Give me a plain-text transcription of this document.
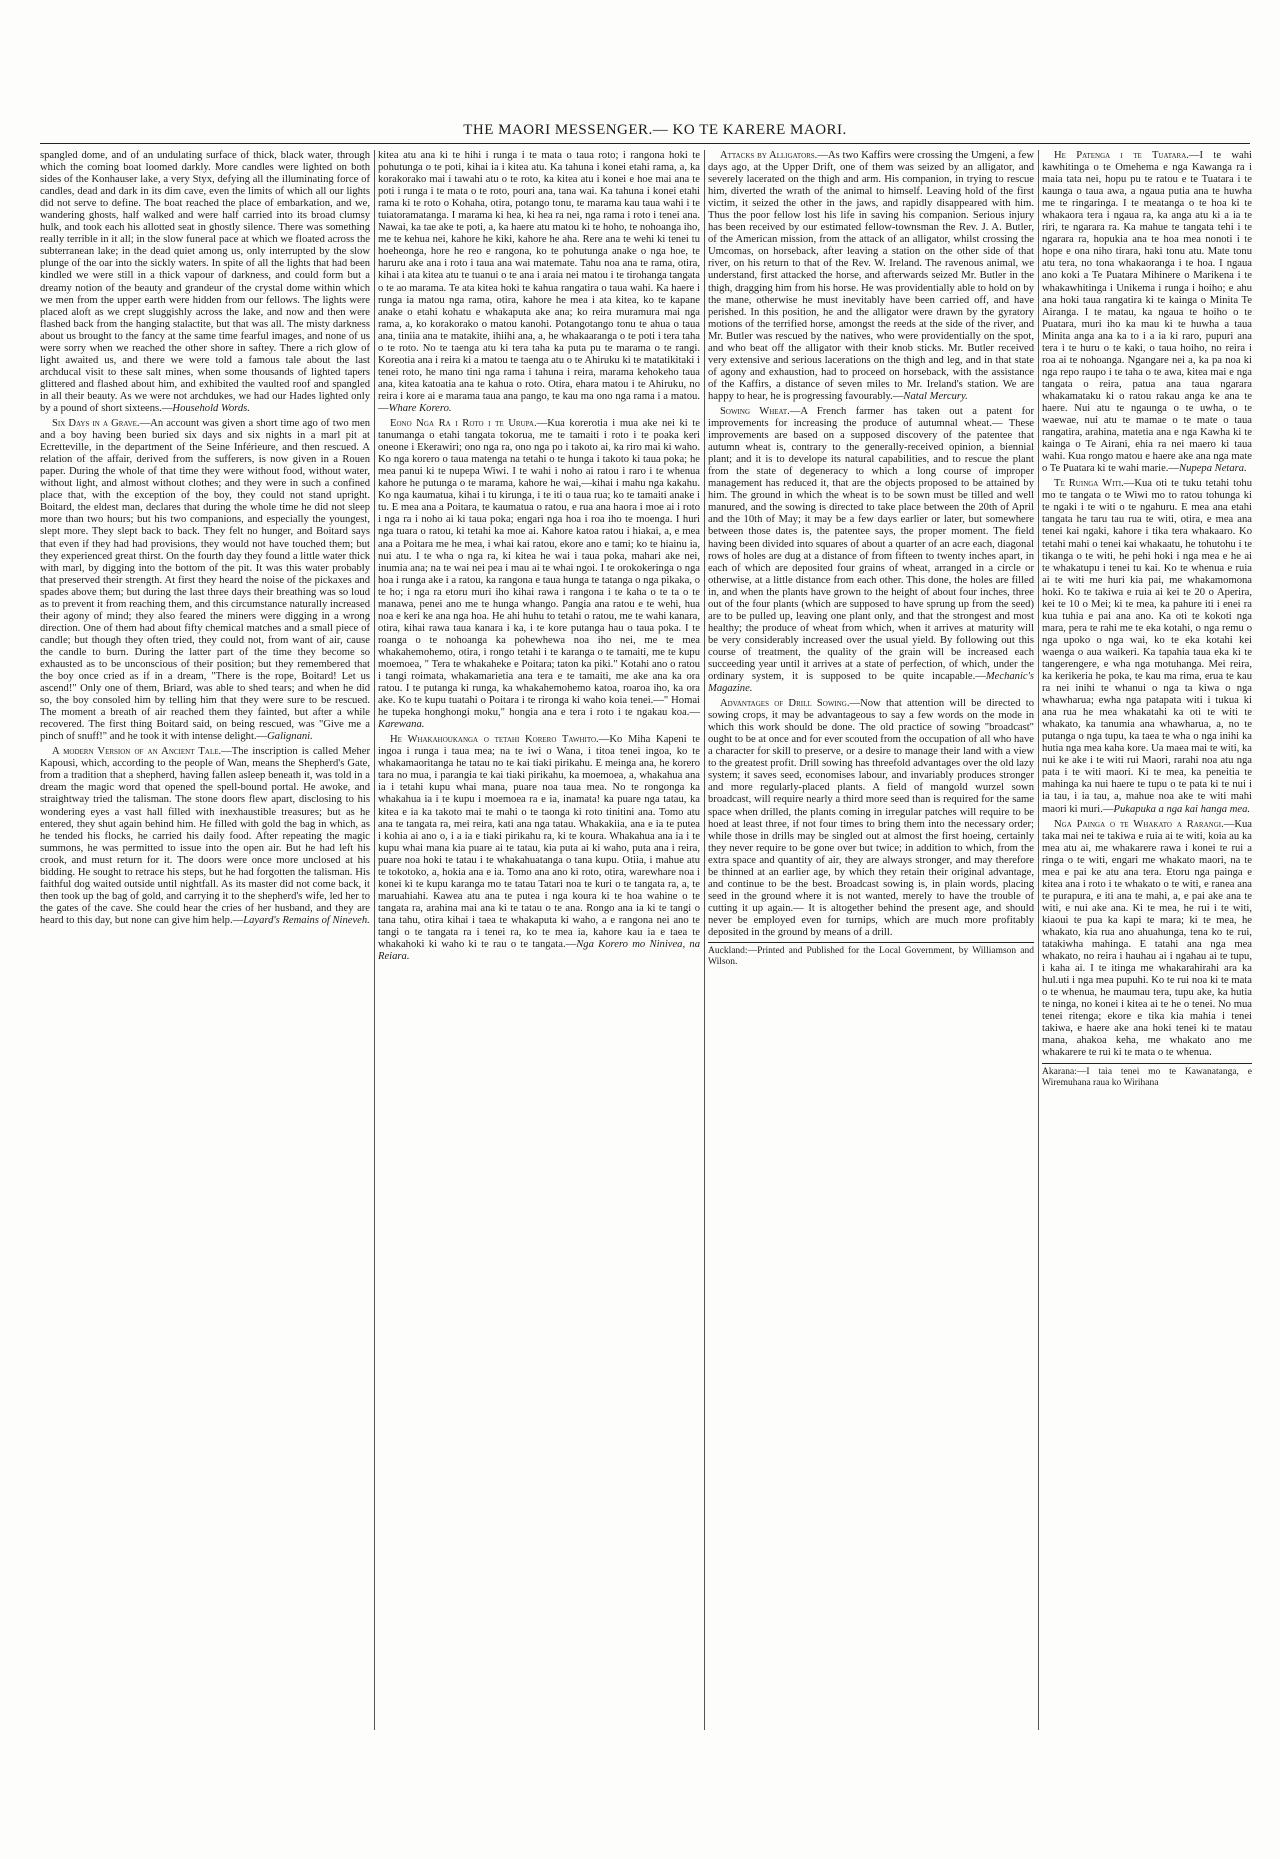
THE MAORI MESSENGER.— KO TE KARERE MAORI.

spangled dome, and of an undulating surface of thick, black water, through which the coming boat loomed darkly. More candles were lighted on both sides of the Konhauser lake, a very Styx, defying all the illuminating force of candles, dead and dark in its dim cave, even the limits of which all our lights did not serve to define. The boat reached the place of embarkation, and we, wandering ghosts, half walked and were half carried into its broad clumsy hulk, and took each his allotted seat in ghostly silence. There was something really terrible in it all; in the slow funeral pace at which we floated across the subterranean lake; in the dead quiet among us, only interrupted by the slow plunge of the oar into the sickly waters. In spite of all the lights that had been kindled we were still in a thick vapour of darkness, and could form but a dreamy notion of the beauty and grandeur of the crystal dome within which we men from the upper earth were hidden from our fellows. The lights were placed aloft as we crept sluggishly across the lake, and now and then were flashed back from the hanging stalactite, but that was all. The misty darkness about us brought to the fancy at the same time fearful images, and none of us were sorry when we reached the other shore in saftey. There a rich glow of light awaited us, and there we were told a famous tale about the last archducal visit to these salt mines, when some thousands of lighted tapers glittered and flashed about him, and exhibited the vaulted roof and spangled in all their beauty. As we were not archdukes, we had our Hades lighted only by a pound of short sixteens.—Household Words.

Six Days in a Grave.—An account was given a short time ago of two men and a boy having been buried six days and six nights in a marl pit at Ecretteville, in the department of the Seine Inférieure, and then rescued. A relation of the affair, derived from the sufferers, is now given in a Rouen paper. During the whole of that time they were without food, without water, without light, and almost without clothes; and they were in such a confined place that, with the exception of the boy, they could not stand upright. Boitard, the eldest man, declares that during the whole time he did not sleep more than two hours; but his two companions, and especially the youngest, slept more. They slept back to back. They felt no hunger, and Boitard says that even if they had had provisions, they would not have touched them; but they experienced great thirst. On the fourth day they found a little water thick with marl, by digging into the bottom of the pit. It was this water probably that preserved their strength. At first they heard the noise of the pickaxes and spades above them; but during the last three days their breathing was so loud as to prevent it from reaching them, and this circumstance naturally increased their agony of mind; they also feared the miners were digging in a wrong direction. One of them had about fifty chemical matches and a small piece of candle; but though they often tried, they could not, from want of air, cause the candle to burn. During the latter part of the time they become so exhausted as to be unconscious of their position; but they remembered that the boy once cried as if in a dream, "There is the rope, Boitard! Let us ascend!" Only one of them, Briard, was able to shed tears; and when he did so, the boy consoled him by telling him that they were sure to be rescued. The moment a breath of air reached them they fainted, but after a while recovered. The first thing Boitard said, on being rescued, was "Give me a pinch of snuff!" and he took it with intense delight.—Galignani.

A modern Version of an Ancient Tale.—The inscription is called Meher Kapousi, which, according to the people of Wan, means the Shepherd's Gate, from a tradition that a shepherd, having fallen asleep beneath it, was told in a dream the magic word that opened the spell-bound portal. He awoke, and straightway tried the talisman. The stone doors flew apart, disclosing to his wondering eyes a vast hall filled with inexhaustible treasures; but as he entered, they shut again behind him. He filled with gold the bag in which, as he tended his flocks, he carried his daily food. After repeating the magic summons, he was permitted to issue into the open air. But he had left his crook, and must return for it. The doors were once more unclosed at his bidding. He sought to retrace his steps, but he had forgotten the talisman. His faithful dog waited outside until nightfall. As its master did not come back, it then took up the bag of gold, and carrying it to the shepherd's wife, led her to the gates of the cave. She could hear the cries of her husband, and they are heard to this day, but none can give him help.—Layard's Remains of Nineveh.

kitea atu ana ki te hihi i runga i te mata o taua roto; i rangona hoki te pohutunga o te poti, kihai ia i kitea atu. Ka tahuna i konei etahi rama, a, ka korakorako mai i tawahi atu o te roto, ka kitea atu i konei e hoe mai ana te poti i runga i te mata o te roto, pouri ana, tana wai. Ka tahuna i konei etahi rama ki te roto o Kohaha, otira, potango tonu, te marama kau taua wahi i te tuiatoramatanga. I marama ki hea, ki hea ra nei, nga rama i roto i tenei ana. Nawai, ka tae ake te poti, a, ka haere atu matou ki te hoho, te nohoanga iho, me te kehua nei, kahore he kiki, kahore he aha. Rere ana te wehi ki tenei tu hoeheonga, hore he reo e rangona, ko te pohutunga anake o nga hoe, te haruru ake ana i roto i taua ana wai matemate. Tahu noa ana te rama, otira, kihai i ata kitea atu te tuanui o te ana i araia nei matou i te tirohanga tangata o te ao marama. Te ata kitea hoki te kahua rangatira o taua wahi. Ka haere i runga ia matou nga rama, otira, kahore he mea i ata kitea, ko te kapane anake o etahi kohatu e whakaputa ake ana; ko reira muramura mai nga rama, a, ko korakorako o matou kanohi. Potangotango tonu te ahua o taua ana, tiniia ana te matakite, ihiihi ana, a, he whakaaranga o te poti i tera taha o te roto. No te taenga atu ki tera taha ka puta pu te marama o te rangi. Koreotia ana i reira ki a matou te taenga atu o te Ahiruku ki te matatikitaki i tenei roto, he mano tini nga rama i tahuna i reira, marama kehokeho taua ana, kitea katoatia ana te kahua o roto. Otira, ehara matou i te Ahiruku, no reira i kore ai e marama taua ana pango, te kau ma ono nga rama i a matou.—Whare Korero.

Eono Nga Ra i Roto i te Urupa.—Kua korerotia i mua ake nei ki te tanumanga o etahi tangata tokorua, me te tamaiti i roto i te poaka keri oneone i Ekerawiri; ono nga ra, ono nga po i takoto ai, ka riro mai ki waho. Ko nga korero o taua matenga na tetahi o te hunga i takoto ki taua poka; he mea panui ki te nupepa Wiwi. I te wahi i noho ai ratou i raro i te whenua kahore he putunga o te marama, kahore he wai,—kihai i mahu nga kakahu. Ko nga kaumatua, kihai i tu kirunga, i te iti o taua rua; ko te tamaiti anake i tu. E mea ana a Poitara, te kaumatua o ratou, e rua ana haora i moe ai i roto i nga ra i noho ai ki taua poka; engari nga hoa i roa iho te moenga. I huri nga tuara o ratou, ki tetahi ka moe ai. Kahore katoa ratou i hiakai, a, e mea ana a Poitara me he mea, i whai kai ratou, ekore ano e tami; ko te hiainu ia, nui atu. I te wha o nga ra, ki kitea he wai i taua poka, mahari ake nei, inumia ana; na te wai nei pea i mau ai te whai ngoi. I te orokokeringa o nga hoa i runga ake i a ratou, ka rangona e taua hunga te tatanga o nga pikaka, o te ho; i nga ra etoru muri iho kihai rawa i rangona i te kaha o te ta o te manawa, penei ano me te hunga whango. Pangia ana ratou e te wehi, hua noa e keri ke ana nga hoa. He ahi huhu to tetahi o ratou, me te wahi kanara, otira, kihai rawa taua kanara i ka, i te kore putanga hau o taua poka. I te roanga o te nohoanga ka pohewhewa noa iho nei, me te mea whakahemohemo, otira, i rongo tetahi i te karanga o te tamaiti, me te kupu moemoea, " Tera te whakaheke e Poitara; taton ka piki." Kotahi ano o ratou i tangi roimata, whakamarietia ana tera e te tamaiti, me ake ana ka ora ratou. I te putanga ki runga, ka whakahemohemo katoa, roaroa iho, ka ora ake. Ko te kupu tuatahi o Poitara i te rironga ki waho koia tenei.—" Homai he tupeka honghongi moku," hongia ana e tera i roto i te ngakau koa.—Karewana.

He Whakahoukanga o tetahi Korero Tawhito.—Ko Miha Kapeni te ingoa i runga i taua mea; na te iwi o Wana, i titoa tenei ingoa, ko te whakamaoritanga he tatau no te kai tiaki pirikahu. E meinga ana, he korero tara no mua, i parangia te kai tiaki pirikahu, ka moemoea, a, whakahua ana ia i tetahi kupu whai mana, puare noa taua mea. No te rongonga ka whakahua ia i te kupu i moemoea ra e ia, inamata! ka puare nga tatau, ka kitea e ia ka takoto mai te mahi o te taonga ki roto tinitini ana. Tomo atu ana te tangata ra, mei reira, kati ana nga tatau. Whakakiia, ana e ia te putea i kohia ai ano o, i a ia e tiaki pirikahu ra, ki te koura. Whakahua ana ia i te kupu whai mana kia puare ai te tatau, kia puta ai ki waho, puta ana i reira, puare noa hoki te tatau i te whakahuatanga o tana kupu. Otiia, i mahue atu te tokotoko, a, hokia ana e ia. Tomo ana ano ki roto, otira, warewhare noa i konei ki te kupu karanga mo te tatau Tatari noa te kuri o te tangata ra, a, te maruahiahi. Kawea atu ana te putea i nga koura ki te hoa wahine o te tangata ra, arahina mai ana ki te tatau o te ana. Rongo ana ia ki te tangi o tana tahu, otira kihai i taea te whakaputa ki waho, a e rangona nei ano te tangi o te tangata ra i tenei ra, ko te mea ia, kahore kau ia e taea te whakahoki ki waho ki te rau o te tangata.—Nga Korero mo Ninivea, na Reiara.

Attacks by Alligators.—As two Kaffirs were crossing the Umgeni, a few days ago, at the Upper Drift, one of them was seized by an alligator, and severely lacerated on the thigh and arm. His companion, in trying to rescue him, diverted the wrath of the animal to himself. Leaving hold of the first victim, it seized the other in the jaws, and rapidly disappeared with him. Thus the poor fellow lost his life in saving his companion. Serious injury has been received by our estimated fellow-townsman the Rev. J. A. Butler, of the American mission, from the attack of an alligator, whilst crossing the Umcomas, on horseback, after leaving a station on the other side of that river, on his return to that of the Rev. W. Ireland. The ravenous animal, we understand, first attacked the horse, and afterwards seized Mr. Butler in the thigh, dragging him from his horse. He was providentially able to hold on by the mane, otherwise he must inevitably have been carried off, and have perished. In this position, he and the alligator were drawn by the gyratory motions of the terrified horse, amongst the reeds at the side of the river, and Mr. Butler was rescued by the natives, who were providentially on the spot, and who beat off the alligator with their knob sticks. Mr. Butler received very extensive and serious lacerations on the thigh and leg, and in that state of agony and exhaustion, had to proceed on horseback, with the assistance of the Kaffirs, a distance of seven miles to Mr. Ireland's station. We are happy to hear, he is progressing favourably.—Natal Mercury.

Sowing Wheat.—A French farmer has taken out a patent for improvements for increasing the produce of autumnal wheat.— These improvements are based on a supposed discovery of the patentee that autumn wheat is, contrary to the generally-received opinion, a biennial plant; and it is to develope its natural capabilities, and to rescue the plant from the state of degeneracy to which a long course of improper management has reduced it, that are the objects proposed to be attained by him. The ground in which the wheat is to be sown must be tilled and well manured, and the sowing is directed to take place between the 20th of April and the 10th of May; it may be a few days earlier or later, but somewhere between those dates is, the patentee says, the proper moment. The field having been divided into squares of about a quarter of an acre each, diagonal rows of holes are dug at a distance of from fifteen to twenty inches apart, in each of which are deposited four grains of wheat, arranged in a circle or otherwise, at a little distance from each other. This done, the holes are filled in, and when the plants have grown to the height of about four inches, three out of the four plants (which are supposed to have sprung up from the seed) are to be pulled up, leaving one plant only, and that the strongest and most healthy; the produce of wheat from which, when it arrives at maturity will be very considerably increased over the usual yield. By following out this course of treatment, the quality of the grain will be increased each succeeding year until it arrives at a state of perfection, of which, under the ordinary system, it is supposed to be quite incapable.—Mechanic's Magazine.

Advantages of Drill Sowing.—Now that attention will be directed to sowing crops, it may be advantageous to say a few words on the mode in which this work should be done. The old practice of sowing "broadcast" ought to be at once and for ever scouted from the occupation of all who have a character for skill to preserve, or a desire to manage their land with a view to the greatest profit. Drill sowing has threefold advantages over the old lazy system; it saves seed, economises labour, and invariably produces stronger and more regularly-placed plants. A field of mangold wurzel sown broadcast, will require nearly a third more seed than is required for the same space when drilled, the plants coming in irregular patches will require to be hoed at least three, if not four times to bring them into the necessary order; while those in drills may be singled out at almost the first hoeing, certainly they never require to be gone over but twice; in addition to which, from the extra space and quantity of air, they are always stronger, and may therefore be thinned at an earlier age, by which they retain their original advantage, and continue to be the best. Broadcast sowing is, in plain words, placing seed in the ground where it is not wanted, merely to have the trouble of cutting it up again.— It is altogether behind the present age, and should never be employed even for turnips, which are much more profitably deposited in the ground by means of a drill.

Auckland:—Printed and Published for the Local Government, by Williamson and Wilson.

He Patenga i te Tuatara.—I te wahi kawhitinga o te Omehema e nga Kawanga ra i maia tata nei, hopu pu te ratou e te Tuatara i te kaunga o taua awa, a ngaua putia ana te huwha me te ringaringa. I te meatanga o te hoa ki te whakaora tera i ngaua ra, ka anga atu ki a ia te riri, te ngarara ra. Ka mahue te tangata tehi i te ngarara ra, hopukia ana te hoa mea nonoti i te hope e ona niho tirara, haki tonu atu. Mate tonu atu tera, no tona whakaoranga i te hoa. I ngaua ano koki a Te Puatara Mihinere o Marikena i te whakawhitinga i Unikema i runga i hoiho; e ahu ana hoki taua rangatira ki te kainga o Minita Te Airanga. I te matau, ka ngaua te hoiho o te Puatara, muri iho ka mau ki te huwha a taua Minita anga ana ka to i a ia ki raro, pupuri ana tera i te huru o te kaki, o taua hoiho, no reira i roa ai te nohoanga. Ngangare nei a, ka pa noa ki nga repo raupo i te taha o te awa, kitea mai e nga tangata o reira, patua ana taua ngarara whakamataku ki o ratou rakau anga ke ana te haere. Nui atu te ngaunga o te uwha, o te waewae, nui atu te mamae o te mate o taua rangatira, arahina, matetia ana e nga Kawha ki te kainga o Te Airani, ehia ra nei maero ki taua wahi. Kua rongo matou e haere ake ana nga mate o Te Puatara ki te wahi marie.—Nupepa Netara.

Te Ruinga Witi.—Kua oti te tuku tetahi tohu mo te tangata o te Wiwi mo to ratou tohunga ki te ngaki i te witi o te ngahuru. E mea ana etahi tangata he taru tau rua te witi, otira, e mea ana tenei kai ngaki, kahore i tika tera whakaaro. Ko tetahi mahi o tenei kai whakaatu, he tohutohu i te tikanga o te witi, he pehi hoki i nga mea e he ai te whakatupu i tenei tu kai. Ko te whenua e ruia ai te witi me huri kia pai, me whakamomona hoki. Ko te takiwa e ruia ai kei te 20 o Aperira, kei te 10 o Mei; ki te mea, ka pahure iti i enei ra kua tuhia e pai ana ano. Ka oti te kokoti nga mara, pera te rahi me te eka kotahi, o nga remu o nga upoko o nga wai, ko te eka kotahi kei waenga o aua waikeri. Ka tapahia taua eka ki te tangerengere, e wha nga motuhanga. Mei reira, ka kerikeria he poka, te kau ma rima, erua te kau ra nei inihi te whanui o nga ta kiwa o nga whawharua; ewha nga patapata witi i tukua ki ana rua he mea whakatahi ka oti te witi te whakato, ka tanumia ana whawharua, a, no te putanga o nga tupu, ka taea te wha o nga inihi ka hutia nga mea kaha kore. Ua maea mai te witi, ka nui ke ake i te witi rui Maori, rarahi noa atu nga pata i te witi maori. Ki te mea, ka peneitia te mahinga ka nui haere te tupu o te pata ki te nui i ia tau, i ia tau, a, mahue noa ake te witi mahi maori ki muri.—Pukapuka a nga kai hanga mea.

Nga Painga o te Whakato a Rarangi.—Kua taka mai nei te takiwa e ruia ai te witi, koia au ka mea atu ai, me whakarere rawa i konei te rui a ringa o te witi, engari me whakato maori, na te mea e pai ke atu ana tera. Etoru nga painga e kitea ana i roto i te whakato o te witi, e ranea ana te purapura, e iti ana te mahi, a, e pai ake ana te witi, e nui ake ana. Ki te mea, he rui i te witi, kiaoui te pua ka kapi te mara; ki te mea, he whakato, kia rua ano ahuahunga, tena ko te rui, tatakiwha mahinga. E tatahi ana nga mea whakato, no reira i hauhau ai i ngahau ai te tupu, i kaha ai. I te itinga me whakarahirahi ara ka hul.uti i nga mea pupuhi. Ko te rui noa ki te mata o te whenua, he maumau tera, tupu ake, ka hutia te ninga, no konei i kitea ai te he o tenei. No mua tenei ritenga; ekore e tika kia mahia i tenei takiwa, e haere ake ana hoki tenei ki te matau mana, ahakoa keha, me whakato ano me whakarere te rui ki te mata o te whenua.

Akarana:—I taia tenei mo te Kawanatanga, e Wiremuhana raua ko Wirihana
